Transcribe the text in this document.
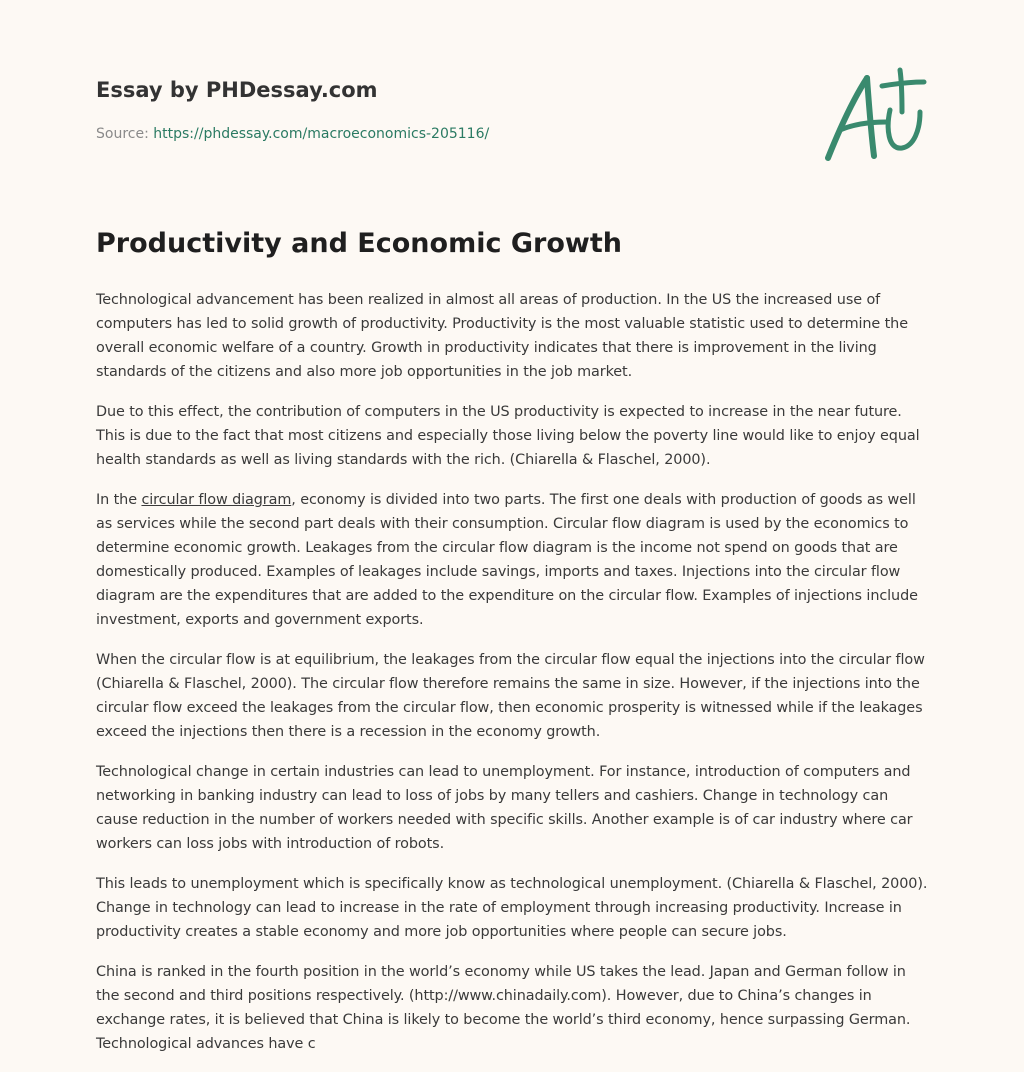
Essay by PHDessay.com
Source: https://phdessay.com/macroeconomics-205116/
Productivity and Economic Growth

Technological advancement has been realized in almost all areas of production. In the US the increased use of computers has led to solid growth of productivity. Productivity is the most valuable statistic used to determine the overall economic welfare of a country. Growth in productivity indicates that there is improvement in the living standards of the citizens and also more job opportunities in the job market.

Due to this effect, the contribution of computers in the US productivity is expected to increase in the near future. This is due to the fact that most citizens and especially those living below the poverty line would like to enjoy equal health standards as well as living standards with the rich. (Chiarella & Flaschel, 2000).

In the circular flow diagram, economy is divided into two parts. The first one deals with production of goods as well as services while the second part deals with their consumption. Circular flow diagram is used by the economics to determine economic growth. Leakages from the circular flow diagram is the income not spend on goods that are domestically produced. Examples of leakages include savings, imports and taxes. Injections into the circular flow diagram are the expenditures that are added to the expenditure on the circular flow. Examples of injections include investment, exports and government exports.

When the circular flow is at equilibrium, the leakages from the circular flow equal the injections into the circular flow (Chiarella & Flaschel, 2000). The circular flow therefore remains the same in size. However, if the injections into the circular flow exceed the leakages from the circular flow, then economic prosperity is witnessed while if the leakages exceed the injections then there is a recession in the economy growth.

Technological change in certain industries can lead to unemployment. For instance, introduction of computers and networking in banking industry can lead to loss of jobs by many tellers and cashiers. Change in technology can cause reduction in the number of workers needed with specific skills. Another example is of car industry where car workers can loss jobs with introduction of robots.

This leads to unemployment which is specifically know as technological unemployment. (Chiarella & Flaschel, 2000). Change in technology can lead to increase in the rate of employment through increasing productivity. Increase in productivity creates a stable economy and more job opportunities where people can secure jobs.

China is ranked in the fourth position in the world’s economy while US takes the lead. Japan and German follow in the second and third positions respectively. (http://www.chinadaily.com). However, due to China’s changes in exchange rates, it is believed that China is likely to become the world’s third economy, hence surpassing German. Technological advances have c
